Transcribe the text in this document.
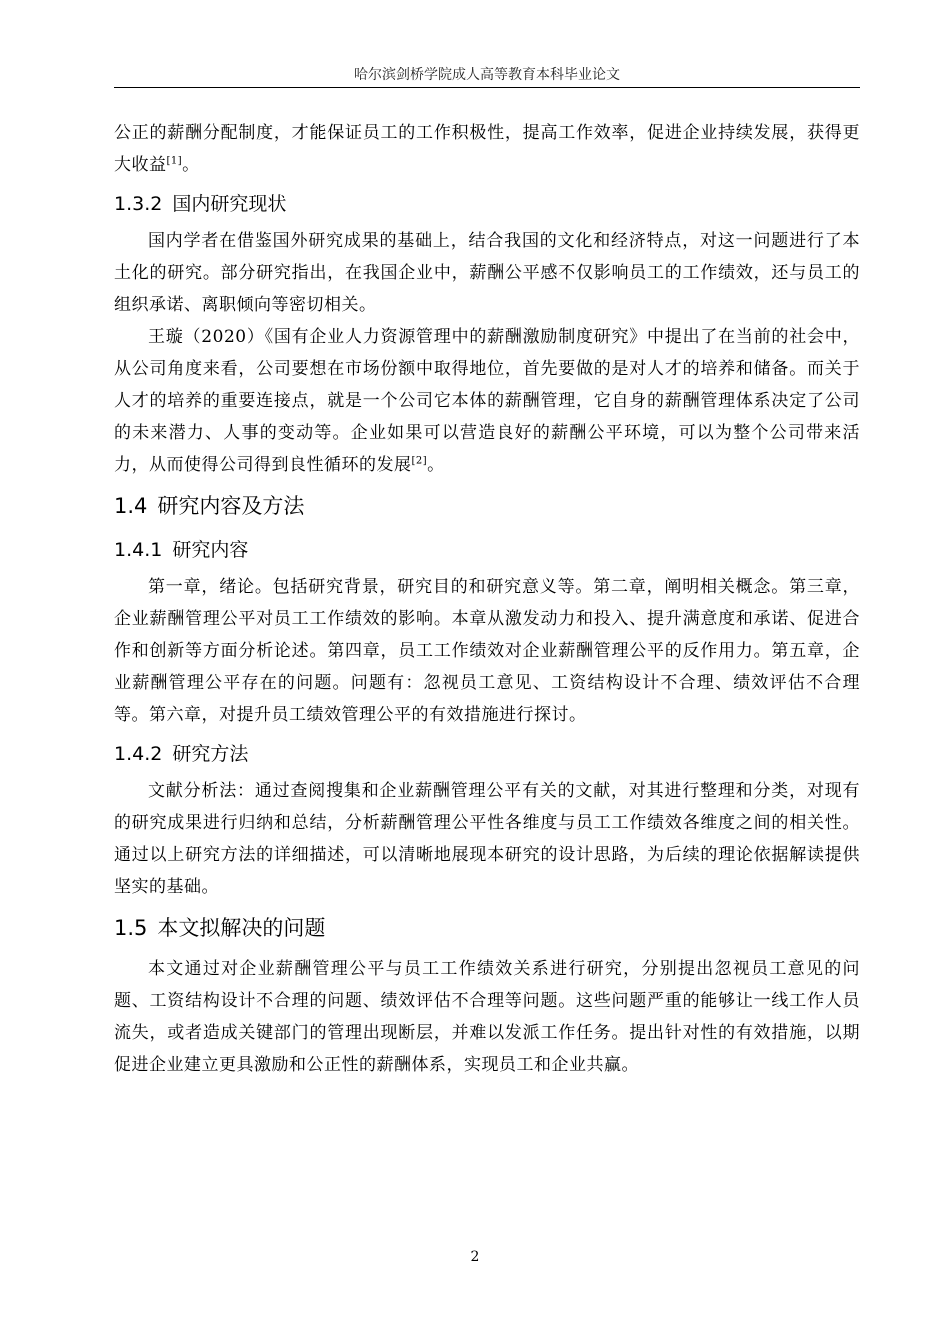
哈尔滨剑桥学院成人高等教育本科毕业论文

公正的薪酬分配制度，才能保证员工的工作积极性，提高工作效率，促进企业持续发展，获得更大收益[1]。

1.3.2 国内研究现状

国内学者在借鉴国外研究成果的基础上，结合我国的文化和经济特点，对这一问题进行了本土化的研究。部分研究指出，在我国企业中，薪酬公平感不仅影响员工的工作绩效，还与员工的组织承诺、离职倾向等密切相关。

王璇（2020）《国有企业人力资源管理中的薪酬激励制度研究》中提出了在当前的社会中，从公司角度来看，公司要想在市场份额中取得地位，首先要做的是对人才的培养和储备。而关于人才的培养的重要连接点，就是一个公司它本体的薪酬管理，它自身的薪酬管理体系决定了公司的未来潜力、人事的变动等。企业如果可以营造良好的薪酬公平环境，可以为整个公司带来活力，从而使得公司得到良性循环的发展[2]。

1.4 研究内容及方法
1.4.1 研究内容

第一章，绪论。包括研究背景，研究目的和研究意义等。第二章，阐明相关概念。第三章，企业薪酬管理公平对员工工作绩效的影响。本章从激发动力和投入、提升满意度和承诺、促进合作和创新等方面分析论述。第四章，员工工作绩效对企业薪酬管理公平的反作用力。第五章，企业薪酬管理公平存在的问题。问题有：忽视员工意见、工资结构设计不合理、绩效评估不合理等。第六章，对提升员工绩效管理公平的有效措施进行探讨。

1.4.2 研究方法

文献分析法：通过查阅搜集和企业薪酬管理公平有关的文献，对其进行整理和分类，对现有的研究成果进行归纳和总结，分析薪酬管理公平性各维度与员工工作绩效各维度之间的相关性。通过以上研究方法的详细描述，可以清晰地展现本研究的设计思路，为后续的理论依据解读提供坚实的基础。

1.5 本文拟解决的问题

本文通过对企业薪酬管理公平与员工工作绩效关系进行研究，分别提出忽视员工意见的问题、工资结构设计不合理的问题、绩效评估不合理等问题。这些问题严重的能够让一线工作人员流失，或者造成关键部门的管理出现断层，并难以发派工作任务。提出针对性的有效措施，以期促进企业建立更具激励和公正性的薪酬体系，实现员工和企业共赢。

2
